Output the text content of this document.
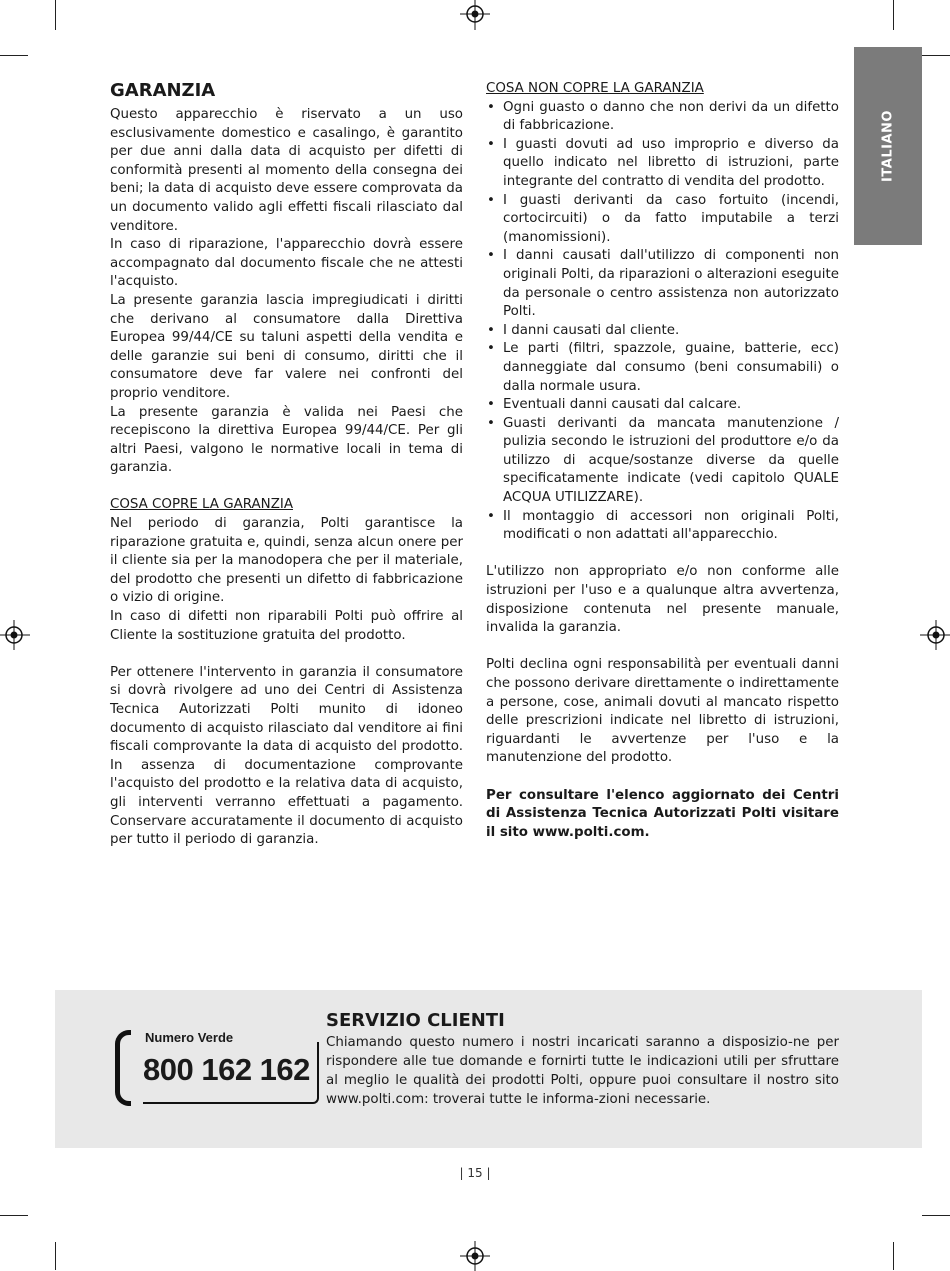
ITALIANO
GARANZIA

Questo apparecchio è riservato a un uso esclusivamente domestico e casalingo, è garantito per due anni dalla data di acquisto per difetti di conformità presenti al momento della consegna dei beni; la data di acquisto deve essere comprovata da un documento valido agli effetti fiscali rilasciato dal venditore.

In caso di riparazione, l'apparecchio dovrà essere accompagnato dal documento fiscale che ne attesti l'acquisto.

La presente garanzia lascia impregiudicati i diritti che derivano al consumatore dalla Direttiva Europea 99/44/CE su taluni aspetti della vendita e delle garanzie sui beni di consumo, diritti che il consumatore deve far valere nei confronti del proprio venditore.

La presente garanzia è valida nei Paesi che recepiscono la direttiva Europea 99/44/CE. Per gli altri Paesi, valgono le normative locali in tema di garanzia.

COSA COPRE LA GARANZIA

Nel periodo di garanzia, Polti garantisce la riparazione gratuita e, quindi, senza alcun onere per il cliente sia per la manodopera che per il materiale, del prodotto che presenti un difetto di fabbricazione o vizio di origine.

In caso di difetti non riparabili Polti può offrire al Cliente la sostituzione gratuita del prodotto.

Per ottenere l'intervento in garanzia il consumatore si dovrà rivolgere ad uno dei Centri di Assistenza Tecnica Autorizzati Polti munito di idoneo documento di acquisto rilasciato dal venditore ai fini fiscali comprovante la data di acquisto del prodotto. In assenza di documentazione comprovante l'acquisto del prodotto e la relativa data di acquisto, gli interventi verranno effettuati a pagamento. Conservare accuratamente il documento di acquisto per tutto il periodo di garanzia.

COSA NON COPRE LA GARANZIA
• Ogni guasto o danno che non derivi da un difetto di fabbricazione.
• I guasti dovuti ad uso improprio e diverso da quello indicato nel libretto di istruzioni, parte integrante del contratto di vendita del prodotto.
• I guasti derivanti da caso fortuito (incendi, cortocircuiti) o da fatto imputabile a terzi (manomissioni).
• I danni causati dall'utilizzo di componenti non originali Polti, da riparazioni o alterazioni eseguite da personale o centro assistenza non autorizzato Polti.
• I danni causati dal cliente.
• Le parti (filtri, spazzole, guaine, batterie, ecc) danneggiate dal consumo (beni consumabili) o dalla normale usura.
• Eventuali danni causati dal calcare.
• Guasti derivanti da mancata manutenzione / pulizia secondo le istruzioni del produttore e/o da utilizzo di acque/sostanze diverse da quelle specificatamente indicate (vedi capitolo QUALE ACQUA UTILIZZARE).
• Il montaggio di accessori non originali Polti, modificati o non adattati all'apparecchio.

L'utilizzo non appropriato e/o non conforme alle istruzioni per l'uso e a qualunque altra avvertenza, disposizione contenuta nel presente manuale, invalida la garanzia.

Polti declina ogni responsabilità per eventuali danni che possono derivare direttamente o indirettamente a persone, cose, animali dovuti al mancato rispetto delle prescrizioni indicate nel libretto di istruzioni, riguardanti le avvertenze per l'uso e la manutenzione del prodotto.

Per consultare l'elenco aggiornato dei Centri di Assistenza Tecnica Autorizzati Polti visitare il sito www.polti.com.

Numero Verde
800 162 162
SERVIZIO CLIENTI

Chiamando questo numero i nostri incaricati saranno a disposizio-ne per rispondere alle tue domande e fornirti tutte le indicazioni utili per sfruttare al meglio le qualità dei prodotti Polti, oppure puoi consultare il nostro sito www.polti.com: troverai tutte le informa-zioni necessarie.

| 15 |
